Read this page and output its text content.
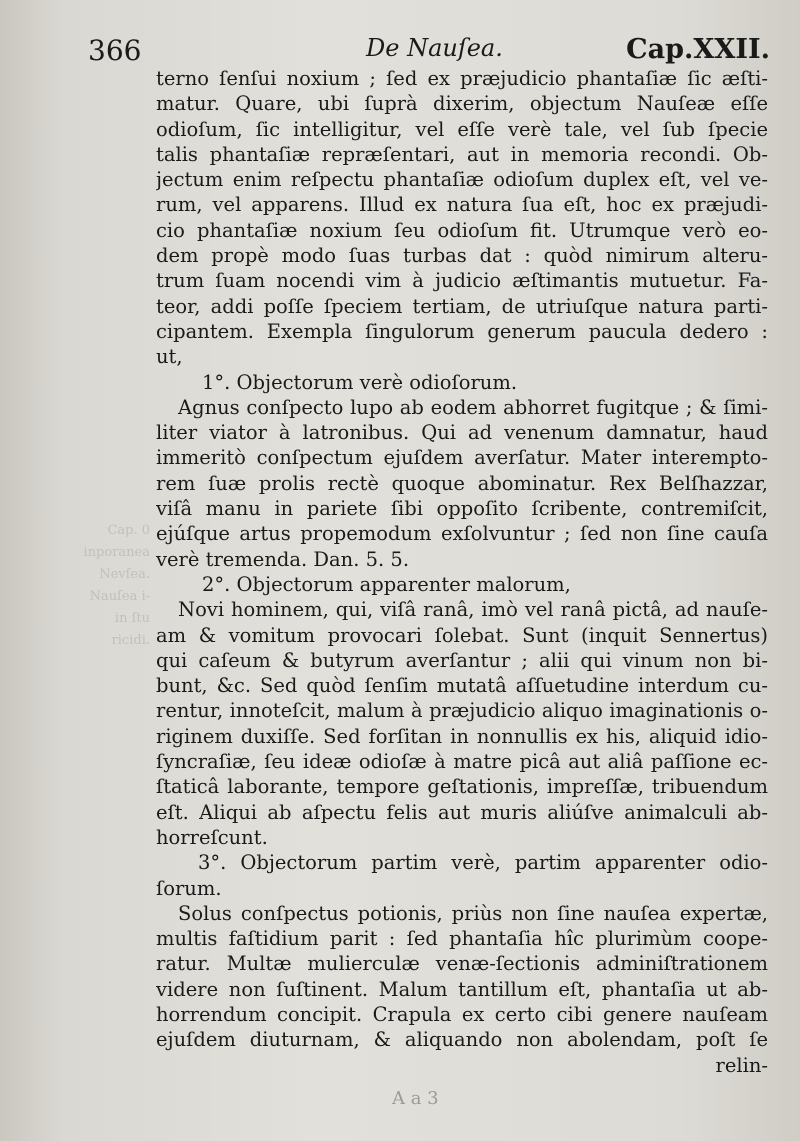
Cap. 0
inporanea
Nevſea.
Nauſea i-
in ſtu
ricidi.
366	De Nauſea.	Cap.XXII.
terno ſenſui noxium ; ſed ex præjudicio phantaſiæ ſic æſti-
matur. Quare, ubi ſuprà dixerim, objectum Nauſeæ eſſe
odioſum, ſic intelligitur, vel eſſe verè tale, vel ſub ſpecie
talis phantaſiæ repræſentari, aut in memoria recondi. Ob-
jectum enim reſpectu phantaſiæ odioſum duplex eſt, vel ve-
rum, vel apparens. Illud ex natura ſua eſt, hoc ex præjudi-
cio phantaſiæ noxium ſeu odioſum fit. Utrumque verò eo-
dem propè modo ſuas turbas dat : quòd nimirum alteru-
trum ſuam nocendi vim à judicio æſtimantis mutuetur. Fa-
teor, addi poſſe ſpeciem tertiam, de utriuſque natura parti-
cipantem. Exempla ſingulorum generum paucula dedero :
ut,
1°. Objectorum verè odioſorum.
Agnus conſpecto lupo ab eodem abhorret fugitque ; & ſimi-
liter viator à latronibus. Qui ad venenum damnatur, haud
immeritò conſpectum ejuſdem averſatur. Mater interempto-
rem ſuæ prolis rectè quoque abominatur. Rex Belſhazzar,
viſâ manu in pariete ſibi oppoſito ſcribente, contremiſcit,
ejúſque artus propemodum exſolvuntur ; ſed non ſine cauſa
verè tremenda. Dan. 5. 5.
2°. Objectorum apparenter malorum,
Novi hominem, qui, viſâ ranâ, imò vel ranâ pictâ, ad nauſe-
am & vomitum provocari ſolebat. Sunt (inquit Sennertus)
qui caſeum & butyrum averſantur ; alii qui vinum non bi-
bunt, &c. Sed quòd ſenſim mutatâ aſſuetudine interdum cu-
rentur, innoteſcit, malum à præjudicio aliquo imaginationis o-
riginem duxiſſe. Sed forſitan in nonnullis ex his, aliquid idio-
ſyncraſiæ, ſeu ideæ odioſæ à matre picâ aut aliâ paſſione ec-
ſtaticâ laborante, tempore geſtationis, impreſſæ, tribuendum
eſt. Aliqui ab aſpectu felis aut muris aliúſve animalculi ab-
horreſcunt.
3°. Objectorum partim verè, partim apparenter odio-
ſorum.
Solus conſpectus potionis, priùs non ſine nauſea expertæ,
multis faſtidium parit : ſed phantaſia hîc plurimùm coope-
ratur. Multæ mulierculæ venæ-ſectionis adminiſtrationem
videre non ſuſtinent. Malum tantillum eſt, phantaſia ut ab-
horrendum concipit. Crapula ex certo cibi genere nauſeam
ejuſdem diuturnam, & aliquando non abolendam, poſt ſe
relin-
A a 3
